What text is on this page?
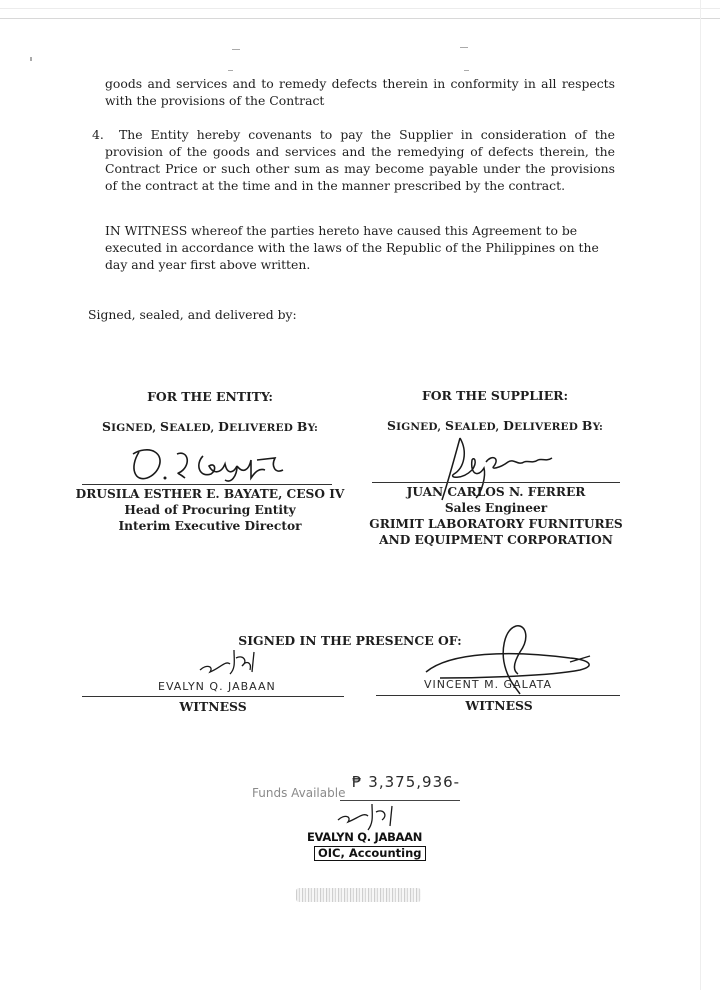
goods and services and to remedy defects therein in conformity in all respects with the provisions of the Contract

4.	The Entity hereby covenants to pay the Supplier in consideration of the provision of the goods and services and the remedying of defects therein, the Contract Price or such other sum as may become payable under the provisions of the contract at the time and in the manner prescribed by the contract.

IN WITNESS whereof the parties hereto have caused this Agreement to be executed in accordance with the laws of the Republic of the Philippines on the day and year first above written.

Signed, sealed, and delivered by:

FOR THE ENTITY:
SIGNED, SEALED, DELIVERED BY:
DRUSILA ESTHER E. BAYATE, CESO IV
Head of Procuring Entity
Interim Executive Director
FOR THE SUPPLIER:
SIGNED, SEALED, DELIVERED BY:
JUAN CARLOS N. FERRER
Sales Engineer
GRIMIT LABORATORY FURNITURES
AND EQUIPMENT CORPORATION
SIGNED IN THE PRESENCE OF:
EVALYN Q. JABAAN
WITNESS
VINCENT M. GALATA
WITNESS
Funds Available
₱ 3,375,936-
EVALYN Q. JABAAN
OIC, Accounting
